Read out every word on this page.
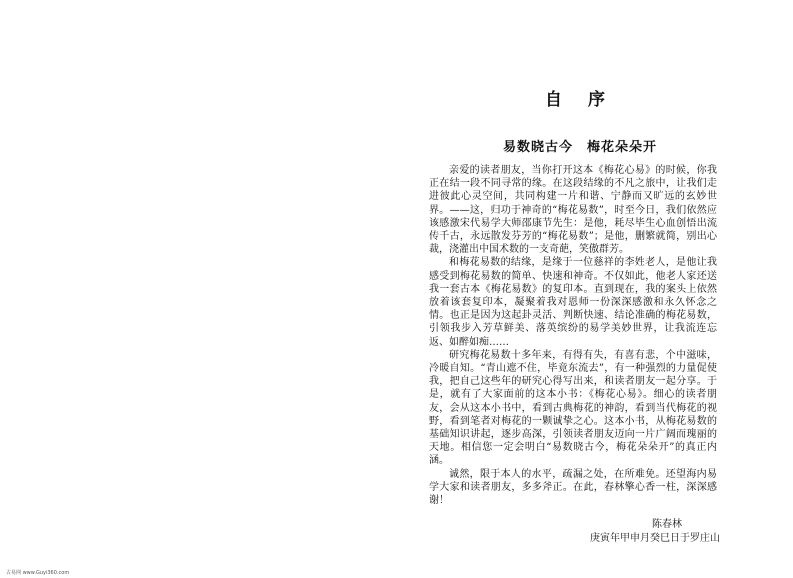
自 序
易数晓古今　梅花朵朵开

亲爱的读者朋友，当你打开这本《梅花心易》的时候，你我正在结一段不同寻常的缘。在这段结缘的不凡之旅中，让我们走进彼此心灵空间，共同构建一片和谐、宁静而又旷远的玄妙世界。——这，归功于神奇的“梅花易数”，时至今日，我们依然应该感激宋代易学大师邵康节先生：是他，耗尽毕生心血创悟出流传千古，永远散发芬芳的“梅花易数”；是他，删繁就简，别出心裁，浇灌出中国术数的一支奇葩，笑傲群芳。

和梅花易数的结缘，是缘于一位慈祥的李姓老人，是他让我感受到梅花易数的简单、快速和神奇。不仅如此，他老人家还送我一套古本《梅花易数》的复印本。直到现在，我的案头上依然放着该套复印本，凝聚着我对恩师一份深深感激和永久怀念之情。也正是因为这起卦灵活、判断快速、结论准确的梅花易数，引领我步入芳草鲜美、落英缤纷的易学美妙世界，让我流连忘返、如醉如痴……

研究梅花易数十多年来，有得有失，有喜有悲，个中滋味，冷暖自知。“青山遮不住，毕竟东流去”，有一种强烈的力量促使我，把自己这些年的研究心得写出来，和读者朋友一起分享。于是，就有了大家面前的这本小书：《梅花心易》。细心的读者朋友，会从这本小书中，看到古典梅花的神韵，看到当代梅花的视野，看到笔者对梅花的一颗诚挚之心。这本小书，从梅花易数的基础知识讲起，逐步高深，引领读者朋友迈向一片广阔而瑰丽的天地。相信您一定会明白“易数晓古今，梅花朵朵开”的真正内涵。

诚然，限于本人的水平，疏漏之处，在所难免。还望海内易学大家和读者朋友，多多斧正。在此，春林擎心香一柱，深深感谢！

陈春林
庚寅年甲申月癸巳日于罗庄山
古易网 www.Guyi360.com
